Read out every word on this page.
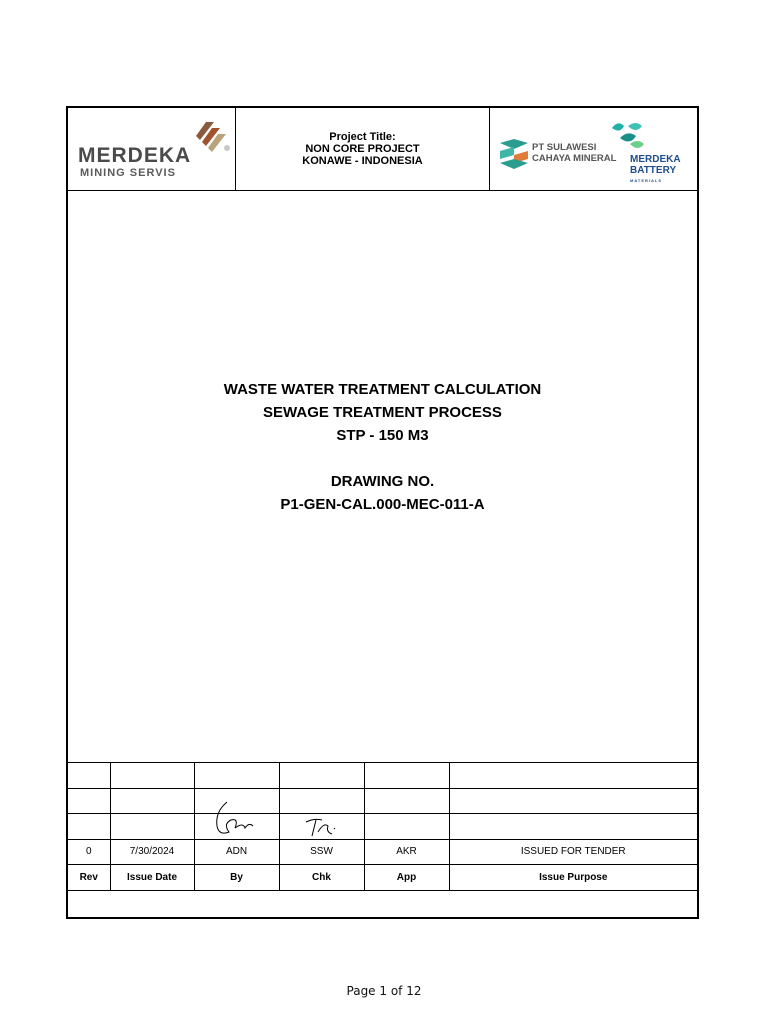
MERDEKA
MINING SERVIS
Project Title:
NON CORE PROJECT
KONAWE - INDONESIA
PT SULAWESI
CAHAYA MINERAL MERDEKA
BATTERY
MATERIALS
WASTE WATER TREATMENT CALCULATION
SEWAGE TREATMENT PROCESS
STP - 150 M3
DRAWING NO.
P1-GEN-CAL.000-MEC-011-A

0	7/30/2024	ADN	SSW	AKR	ISSUED FOR TENDER
Rev	Issue Date	By	Chk	App	Issue Purpose
Page 1 of 12
